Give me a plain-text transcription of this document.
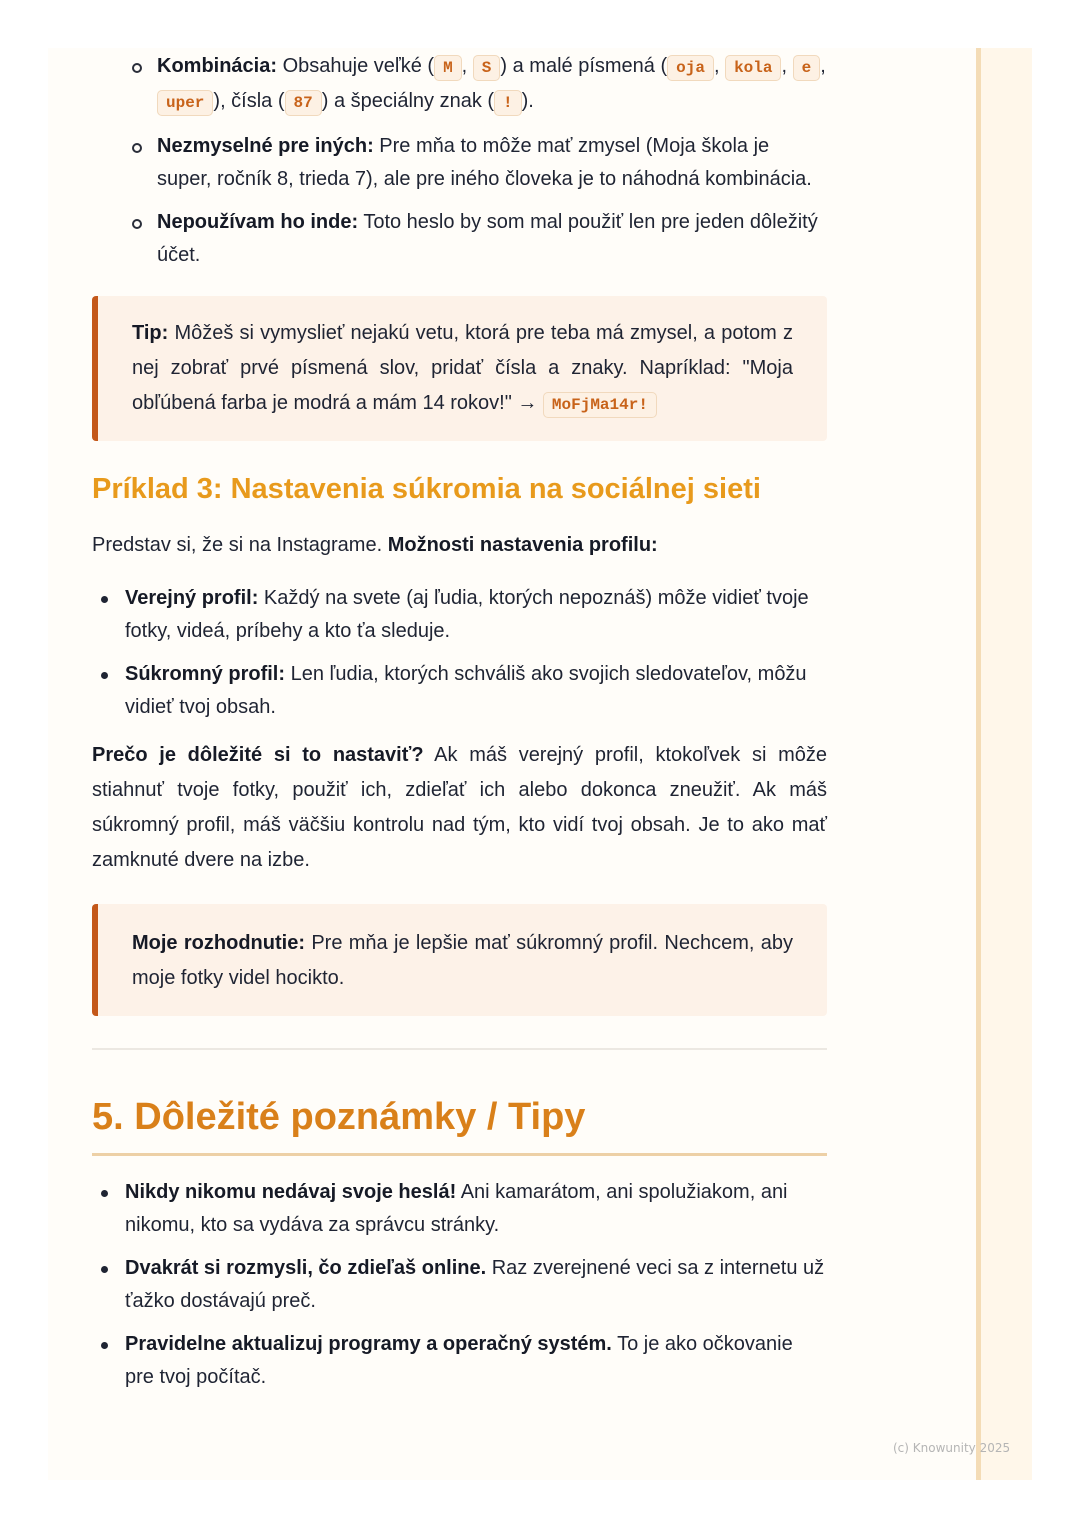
Kombinácia: Obsahuje veľké ( M , S ) a malé písmená ( oja , kola , e , uper ), čísla ( 87 ) a špeciálny znak ( ! ).
Nezmyselné pre iných: Pre mňa to môže mať zmysel (Moja škola je super, ročník 8, trieda 7), ale pre iného človeka je to náhodná kombinácia.
Nepoužívam ho inde: Toto heslo by som mal použiť len pre jeden dôležitý účet.
Tip: Môžeš si vymyslieť nejakú vetu, ktorá pre teba má zmysel, a potom z nej zobrať prvé písmená slov, pridať čísla a znaky. Napríklad: "Moja obľúbená farba je modrá a mám 14 rokov!" → MoFjMa14r!
Príklad 3: Nastavenia súkromia na sociálnej sieti

Predstav si, že si na Instagrame. Možnosti nastavenia profilu:

Verejný profil: Každý na svete (aj ľudia, ktorých nepoznáš) môže vidieť tvoje fotky, videá, príbehy a kto ťa sleduje.
Súkromný profil: Len ľudia, ktorých schváliš ako svojich sledovateľov, môžu vidieť tvoj obsah.

Prečo je dôležité si to nastaviť? Ak máš verejný profil, ktokoľvek si môže stiahnuť tvoje fotky, použiť ich, zdieľať ich alebo dokonca zneužiť. Ak máš súkromný profil, máš väčšiu kontrolu nad tým, kto vidí tvoj obsah. Je to ako mať zamknuté dvere na izbe.

Moje rozhodnutie: Pre mňa je lepšie mať súkromný profil. Nechcem, aby moje fotky videl hocikto.
5. Dôležité poznámky / Tipy
Nikdy nikomu nedávaj svoje heslá! Ani kamarátom, ani spolužiakom, ani nikomu, kto sa vydáva za správcu stránky.
Dvakrát si rozmysli, čo zdieľaš online. Raz zverejnené veci sa z internetu už ťažko dostávajú preč.
Pravidelne aktualizuj programy a operačný systém. To je ako očkovanie pre tvoj počítač.
(c) Knowunity 2025
